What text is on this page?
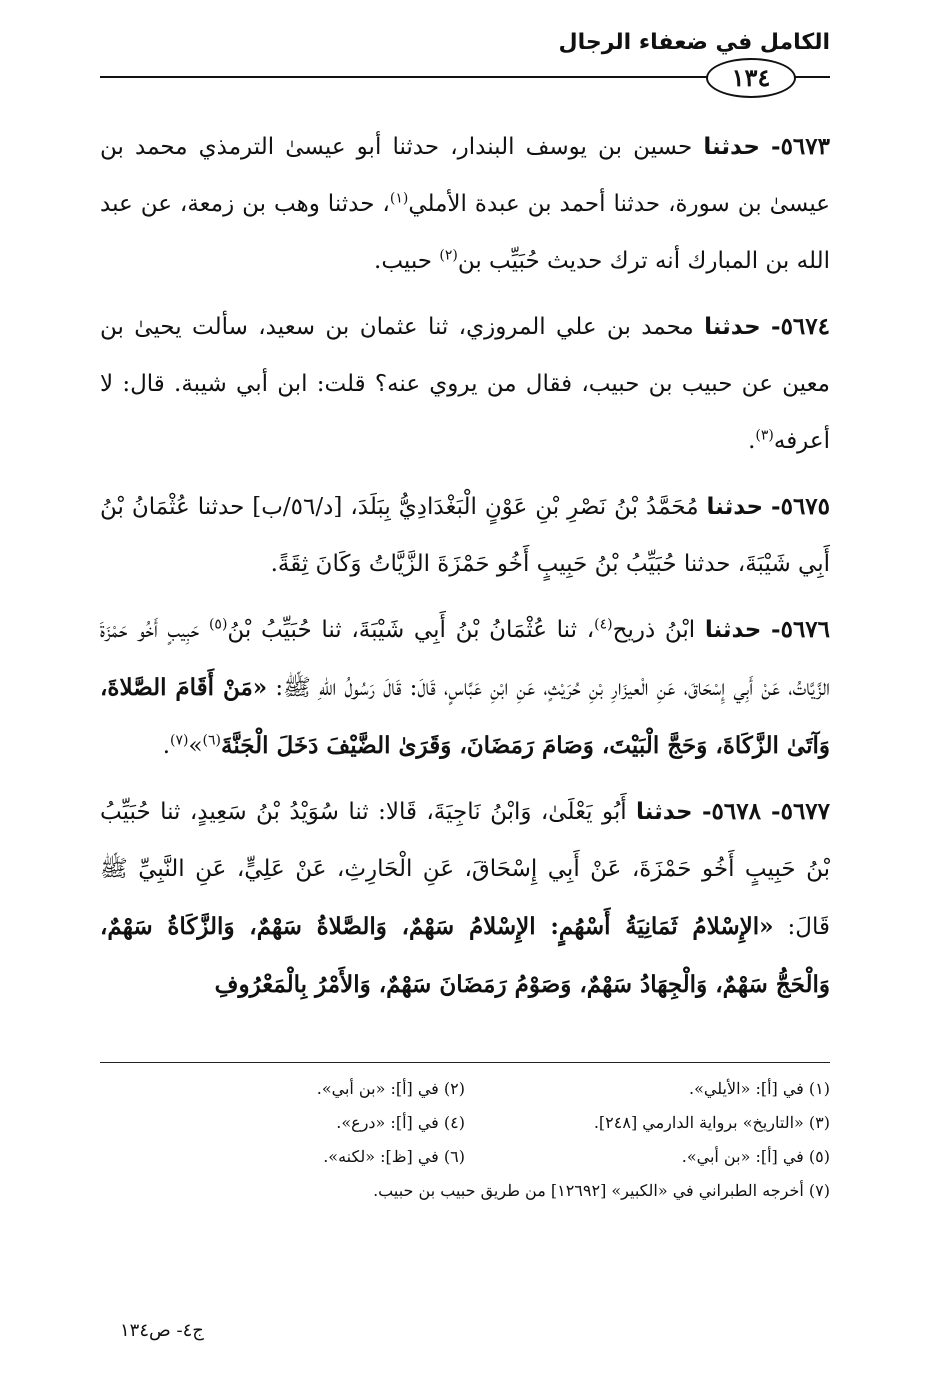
الكامل في ضعفاء الرجال
١٣٤

٥٦٧٣- حدثنا حسين بن يوسف البندار، حدثنا أبو عيسىٰ الترمذي محمد بن عيسىٰ بن سورة، حدثنا أحمد بن عبدة الأملي$^{(١)}$، حدثنا وهب بن زمعة، عن عبد الله بن المبارك أنه ترك حديث حُبَيِّب بن$^{(٢)}$ حبيب.

٥٦٧٤- حدثنا محمد بن علي المروزي، ثنا عثمان بن سعيد، سألت يحيىٰ بن معين عن حبيب بن حبيب، فقال من يروي عنه؟ قلت: ابن أبي شيبة. قال: لا أعرفه$^{(٣)}$.

٥٦٧٥- حدثنا مُحَمَّدُ بْنُ نَصْرِ بْنِ عَوْنٍ الْبَغْدَادِيُّ بِبَلَدَ، [د/٥٦/ب] حدثنا عُثْمَانُ بْنُ أَبِي شَيْبَةَ، حدثنا حُبَيِّبُ بْنُ حَبِيبٍ أَخُو حَمْزَةَ الزَّيَّاتُ وَكَانَ ثِقَةً.

٥٦٧٦- حدثنا ابْنُ ذريح$^{(٤)}$، ثنا عُثْمَانُ بْنُ أَبِي شَيْبَةَ، ثنا حُبَيِّبُ بْنُ$^{(٥)}$ حَبِيبٍ أَخُو حَمْزَةَ الزَّيَّاتُ، عَنْ أَبِي إِسْحَاقَ، عَنِ الْعيزَارِ بْنِ حُرَيْثٍ، عَنِ ابْنِ عَبَّاسٍ، قَالَ: قَالَ رَسُولُ اللهِ ﷺ: «مَنْ أَقَامَ الصَّلاةَ، وَآتَىٰ الزَّكَاةَ، وَحَجَّ الْبَيْتَ، وَصَامَ رَمَضَانَ، وَقَرَىٰ الضَّيْفَ دَخَلَ الْجَنَّةَ$^{(٦)}$»$^{(٧)}$.

٥٦٧٧- ٥٦٧٨- حدثنا أَبُو يَعْلَىٰ، وَابْنُ نَاجِيَةَ، قَالا: ثنا سُوَيْدُ بْنُ سَعِيدٍ، ثنا حُبَيِّبُ بْنُ حَبِيبٍ أَخُو حَمْزَةَ، عَنْ أَبِي إِسْحَاقَ، عَنِ الْحَارِثِ، عَنْ عَلِيٍّ، عَنِ النَّبِيِّ ﷺ قَالَ: «الإِسْلامُ ثَمَانِيَةُ أَسْهُمٍ: الإِسْلامُ سَهْمٌ، وَالصَّلاةُ سَهْمٌ، وَالزَّكَاةُ سَهْمٌ، وَالْحَجُّ سَهْمٌ، وَالْجِهَادُ سَهْمٌ، وَصَوْمُ رَمَضَانَ سَهْمٌ، وَالأَمْرُ بِالْمَعْرُوفِ

(١) في [أ]: «الأيلي».
(٢) في [أ]: «بن أبي».
(٣) «التاريخ» برواية الدارمي [٢٤٨].
(٤) في [أ]: «درع».
(٥) في [أ]: «بن أبي».
(٦) في [ظ]: «لكنه».
(٧) أخرجه الطبراني في «الكبير» [١٢٦٩٢] من طريق حبيب بن حبيب.
ج٤- ص١٣٤
